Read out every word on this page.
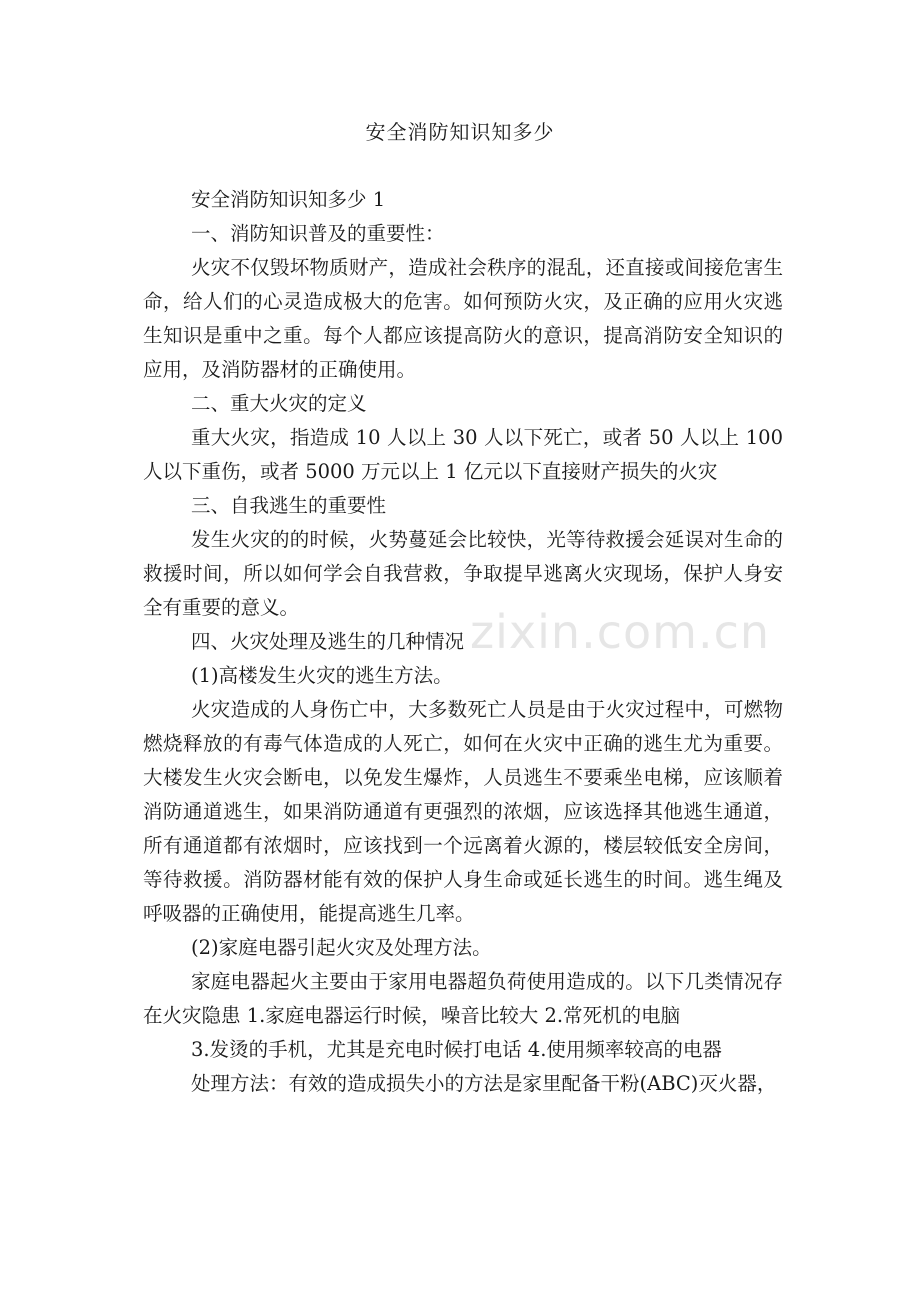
安全消防知识知多少

安全消防知识知多少 1

一、消防知识普及的重要性：

火灾不仅毁坏物质财产，造成社会秩序的混乱，还直接或间接危害生命，给人们的心灵造成极大的危害。如何预防火灾，及正确的应用火灾逃生知识是重中之重。每个人都应该提高防火的意识，提高消防安全知识的应用，及消防器材的正确使用。

二、重大火灾的定义

重大火灾，指造成 10 人以上 30 人以下死亡，或者 50 人以上 100 人以下重伤，或者 5000 万元以上 1 亿元以下直接财产损失的火灾

三、自我逃生的重要性

发生火灾的的时候，火势蔓延会比较快，光等待救援会延误对生命的救援时间，所以如何学会自我营救，争取提早逃离火灾现场，保护人身安全有重要的意义。

四、火灾处理及逃生的几种情况

(1)高楼发生火灾的逃生方法。

火灾造成的人身伤亡中，大多数死亡人员是由于火灾过程中，可燃物燃烧释放的有毒气体造成的人死亡，如何在火灾中正确的逃生尤为重要。大楼发生火灾会断电，以免发生爆炸，人员逃生不要乘坐电梯，应该顺着消防通道逃生，如果消防通道有更强烈的浓烟，应该选择其他逃生通道，所有通道都有浓烟时，应该找到一个远离着火源的，楼层较低安全房间，等待救援。消防器材能有效的保护人身生命或延长逃生的时间。逃生绳及呼吸器的正确使用，能提高逃生几率。

(2)家庭电器引起火灾及处理方法。

家庭电器起火主要由于家用电器超负荷使用造成的。以下几类情况存在火灾隐患 1.家庭电器运行时候，噪音比较大 2.常死机的电脑

3.发烫的手机，尤其是充电时候打电话 4.使用频率较高的电器

处理方法：有效的造成损失小的方法是家里配备干粉(ABC)灭火器，

zixin.com.cn
